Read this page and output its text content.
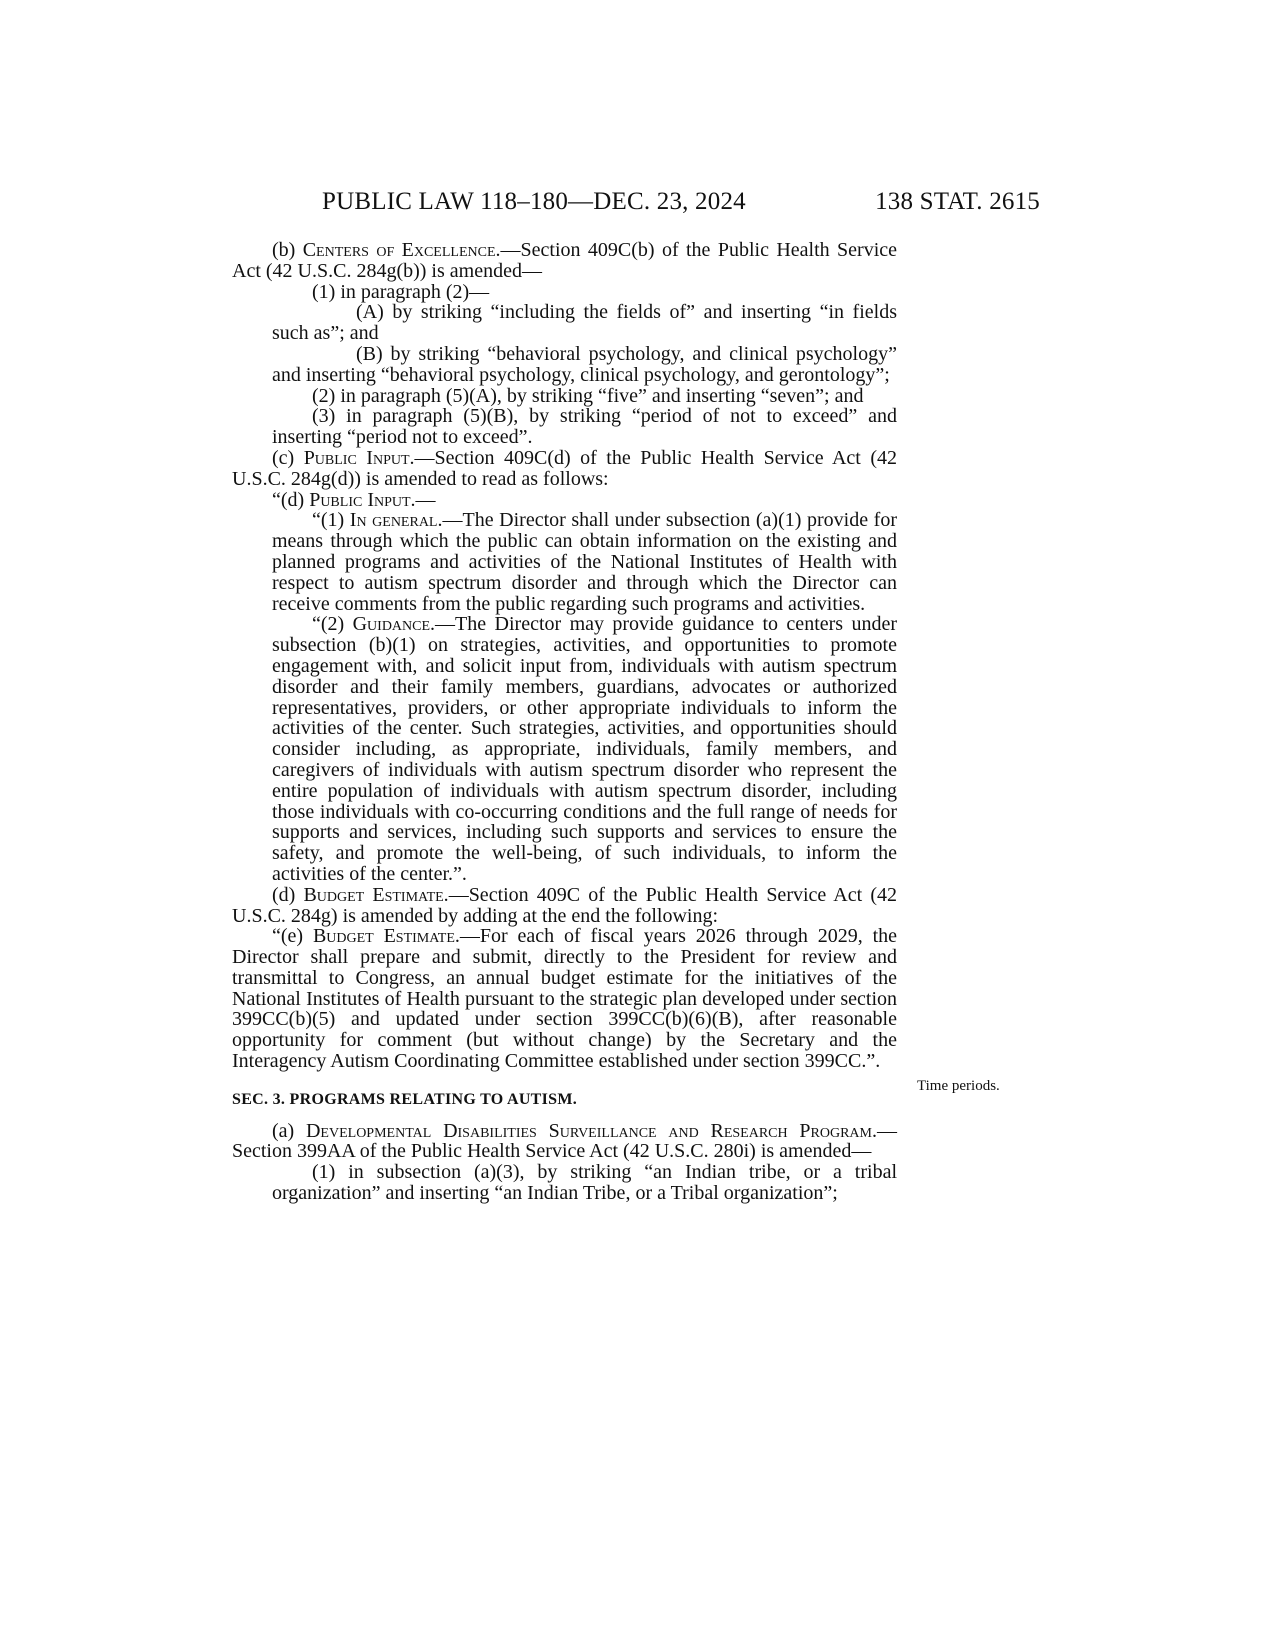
PUBLIC LAW 118–180—DEC. 23, 2024	138 STAT. 2615
Time periods.

(b) Centers of Excellence.—Section 409C(b) of the Public Health Service Act (42 U.S.C. 284g(b)) is amended—

(1) in paragraph (2)—

(A) by striking “including the fields of” and inserting “in fields such as”; and

(B) by striking “behavioral psychology, and clinical psychology” and inserting “behavioral psychology, clinical psychology, and gerontology”;

(2) in paragraph (5)(A), by striking “five” and inserting “seven”; and

(3) in paragraph (5)(B), by striking “period of not to exceed” and inserting “period not to exceed”.

(c) Public Input.—Section 409C(d) of the Public Health Service Act (42 U.S.C. 284g(d)) is amended to read as follows:

“(d) Public Input.—

“(1) In general.—The Director shall under subsection (a)(1) provide for means through which the public can obtain information on the existing and planned programs and activities of the National Institutes of Health with respect to autism spectrum disorder and through which the Director can receive comments from the public regarding such programs and activities.

“(2) Guidance.—The Director may provide guidance to centers under subsection (b)(1) on strategies, activities, and opportunities to promote engagement with, and solicit input from, individuals with autism spectrum disorder and their family members, guardians, advocates or authorized representatives, providers, or other appropriate individuals to inform the activities of the center. Such strategies, activities, and opportunities should consider including, as appropriate, individuals, family members, and caregivers of individuals with autism spectrum disorder who represent the entire population of individuals with autism spectrum disorder, including those individuals with co-occurring conditions and the full range of needs for supports and services, including such supports and services to ensure the safety, and promote the well-being, of such individuals, to inform the activities of the center.”.

(d) Budget Estimate.—Section 409C of the Public Health Service Act (42 U.S.C. 284g) is amended by adding at the end the following:

“(e) Budget Estimate.—For each of fiscal years 2026 through 2029, the Director shall prepare and submit, directly to the President for review and transmittal to Congress, an annual budget estimate for the initiatives of the National Institutes of Health pursuant to the strategic plan developed under section 399CC(b)(5) and updated under section 399CC(b)(6)(B), after reasonable opportunity for comment (but without change) by the Secretary and the Interagency Autism Coordinating Committee established under section 399CC.”.

SEC. 3. PROGRAMS RELATING TO AUTISM.

(a) Developmental Disabilities Surveillance and Research Program.—Section 399AA of the Public Health Service Act (42 U.S.C. 280i) is amended—

(1) in subsection (a)(3), by striking “an Indian tribe, or a tribal organization” and inserting “an Indian Tribe, or a Tribal organization”;
